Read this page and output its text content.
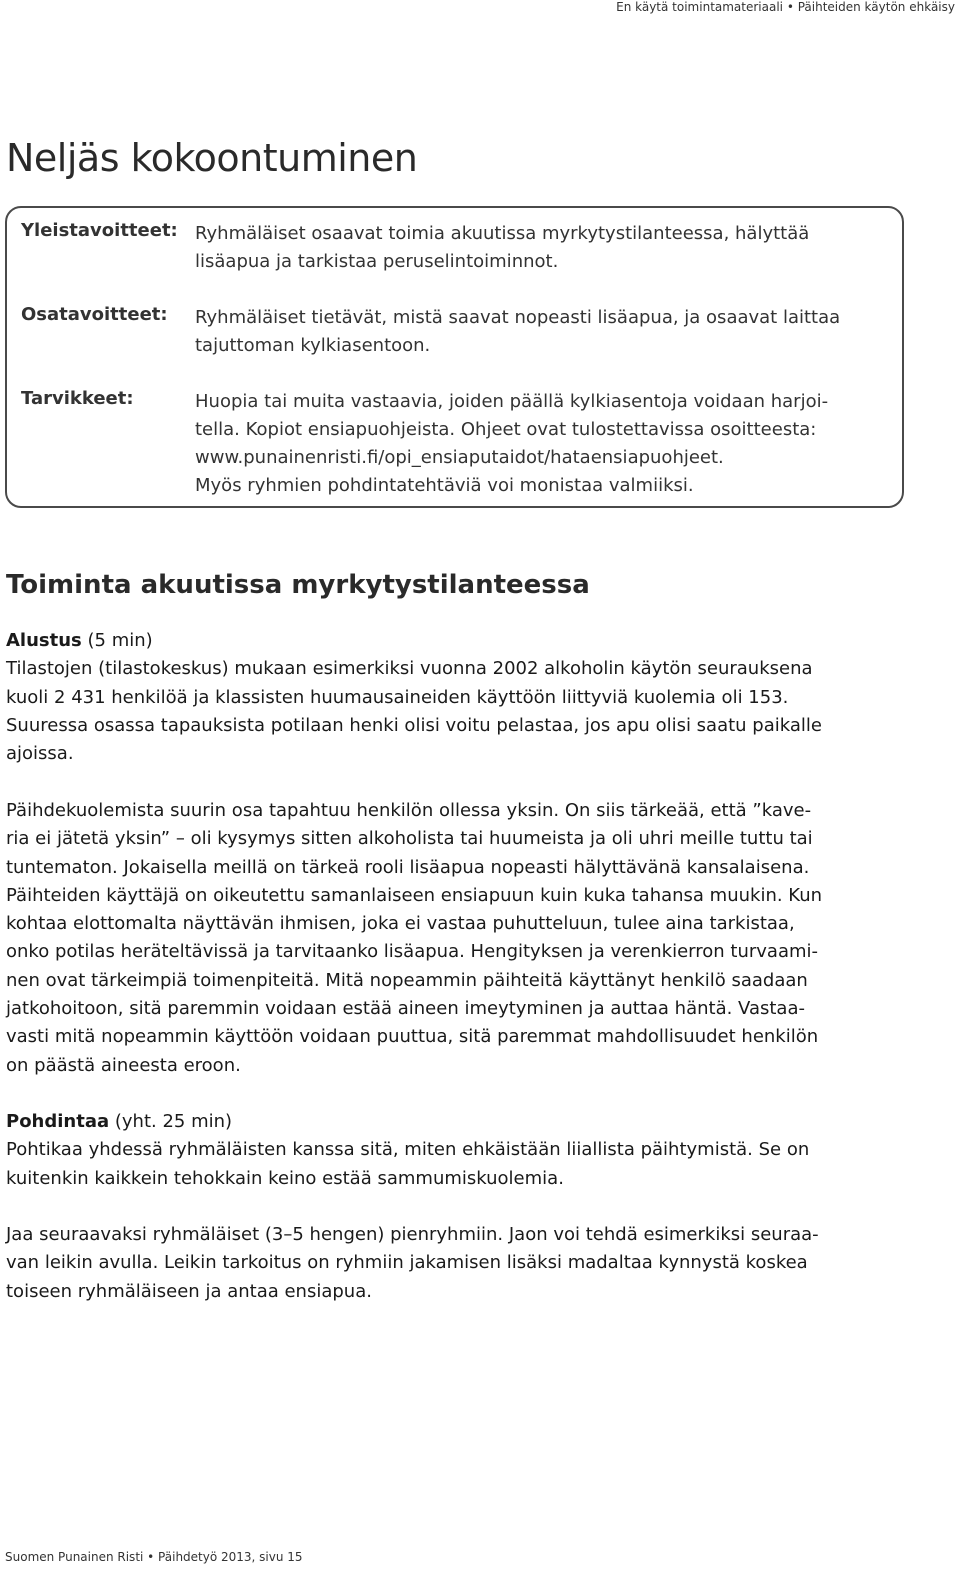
En käytä toimintamateriaali • Päihteiden käytön ehkäisy
Neljäs kokoontuminen
Yleistavoitteet: Ryhmäläiset osaavat toimia akuutissa myrkytystilanteessa, hälyttää
lisäapua ja tarkistaa peruselintoiminnot.
Osatavoitteet: Ryhmäläiset tietävät, mistä saavat nopeasti lisäapua, ja osaavat laittaa
tajuttoman kylkiasentoon.
Tarvikkeet:	Huopia tai muita vastaavia, joiden päällä kylkiasentoja voidaan harjoi-
tella. Kopiot ensiapuohjeista. Ohjeet ovat tulostettavissa osoitteesta:
www.punainenristi.fi/opi_ensiaputaidot/hataensiapuohjeet.
Myös ryhmien pohdintatehtäviä voi monistaa valmiiksi.
Toiminta akuutissa myrkytystilanteessa
Alustus (5 min)

Tilastojen (tilastokeskus) mukaan esimerkiksi vuonna 2002 alkoholin käytön seurauksena
kuoli 2 431 henkilöä ja klassisten huumausaineiden käyttöön liittyviä kuolemia oli 153.
Suuressa osassa tapauksista potilaan henki olisi voitu pelastaa, jos apu olisi saatu paikalle
ajoissa.

Päihdekuolemista suurin osa tapahtuu henkilön ollessa yksin. On siis tärkeää, että ”kave-
ria ei jätetä yksin” – oli kysymys sitten alkoholista tai huumeista ja oli uhri meille tuttu tai
tuntematon. Jokaisella meillä on tärkeä rooli lisäapua nopeasti hälyttävänä kansalaisena.
Päihteiden käyttäjä on oikeutettu samanlaiseen ensiapuun kuin kuka tahansa muukin. Kun
kohtaa elottomalta näyttävän ihmisen, joka ei vastaa puhutteluun, tulee aina tarkistaa,
onko potilas heräteltävissä ja tarvitaanko lisäapua. Hengityksen ja verenkierron turvaami-
nen ovat tärkeimpiä toimenpiteitä. Mitä nopeammin päihteitä käyttänyt henkilö saadaan
jatkohoitoon, sitä paremmin voidaan estää aineen imeytyminen ja auttaa häntä. Vastaa-
vasti mitä nopeammin käyttöön voidaan puuttua, sitä paremmat mahdollisuudet henkilön
on päästä aineesta eroon.

Pohdintaa (yht. 25 min)

Pohtikaa yhdessä ryhmäläisten kanssa sitä, miten ehkäistään liiallista päihtymistä. Se on
kuitenkin kaikkein tehokkain keino estää sammumiskuolemia.

Jaa seuraavaksi ryhmäläiset (3–5 hengen) pienryhmiin. Jaon voi tehdä esimerkiksi seuraa-
van leikin avulla. Leikin tarkoitus on ryhmiin jakamisen lisäksi madaltaa kynnystä koskea
toiseen ryhmäläiseen ja antaa ensiapua.

Suomen Punainen Risti • Päihdetyö 2013, sivu 15
